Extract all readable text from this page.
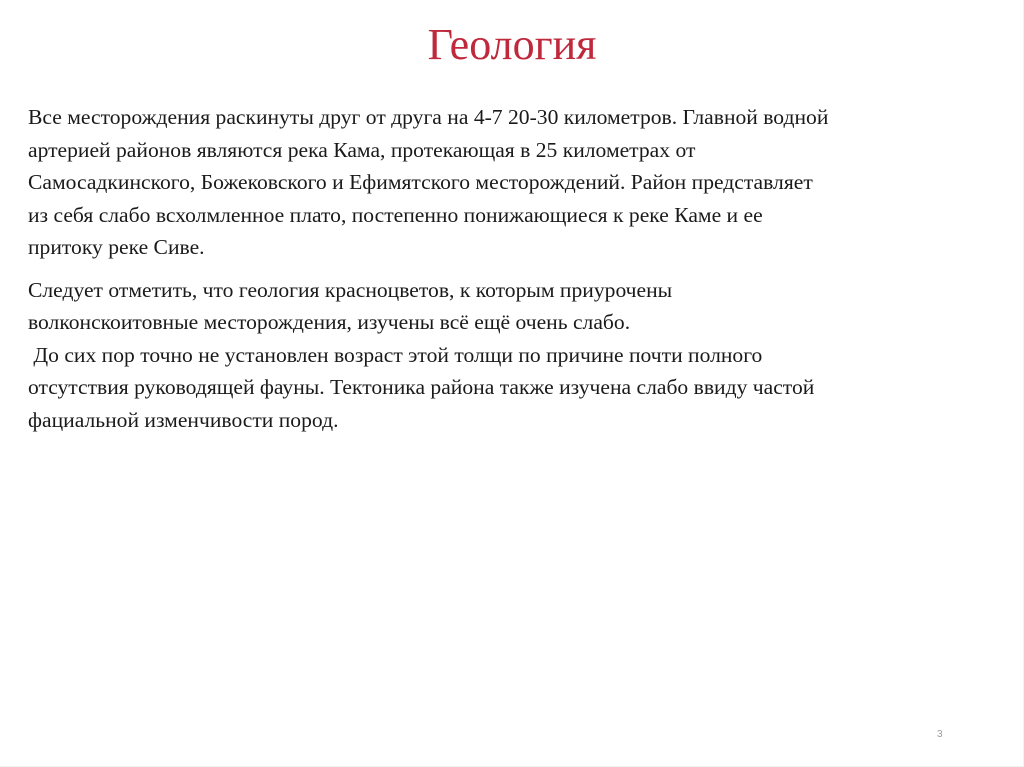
Геология

Все месторождения раскинуты друг от друга на 4-7 20-30 километров. Главной водной
артерией районов являются река Кама, протекающая в 25 километрах от
Самосадкинского, Божековского и Ефимятского месторождений. Район представляет
из себя слабо всхолмленное плато, постепенно понижающиеся к реке Каме и ее
притоку реке Сиве.

Следует отметить, что геология красноцветов, к которым приурочены
волконскоитовные месторождения, изучены всё ещё очень слабо.
До сих пор точно не установлен возраст этой толщи по причине почти полного
отсутствия руководящей фауны. Тектоника района также изучена слабо ввиду частой
фациальной изменчивости пород.

3
